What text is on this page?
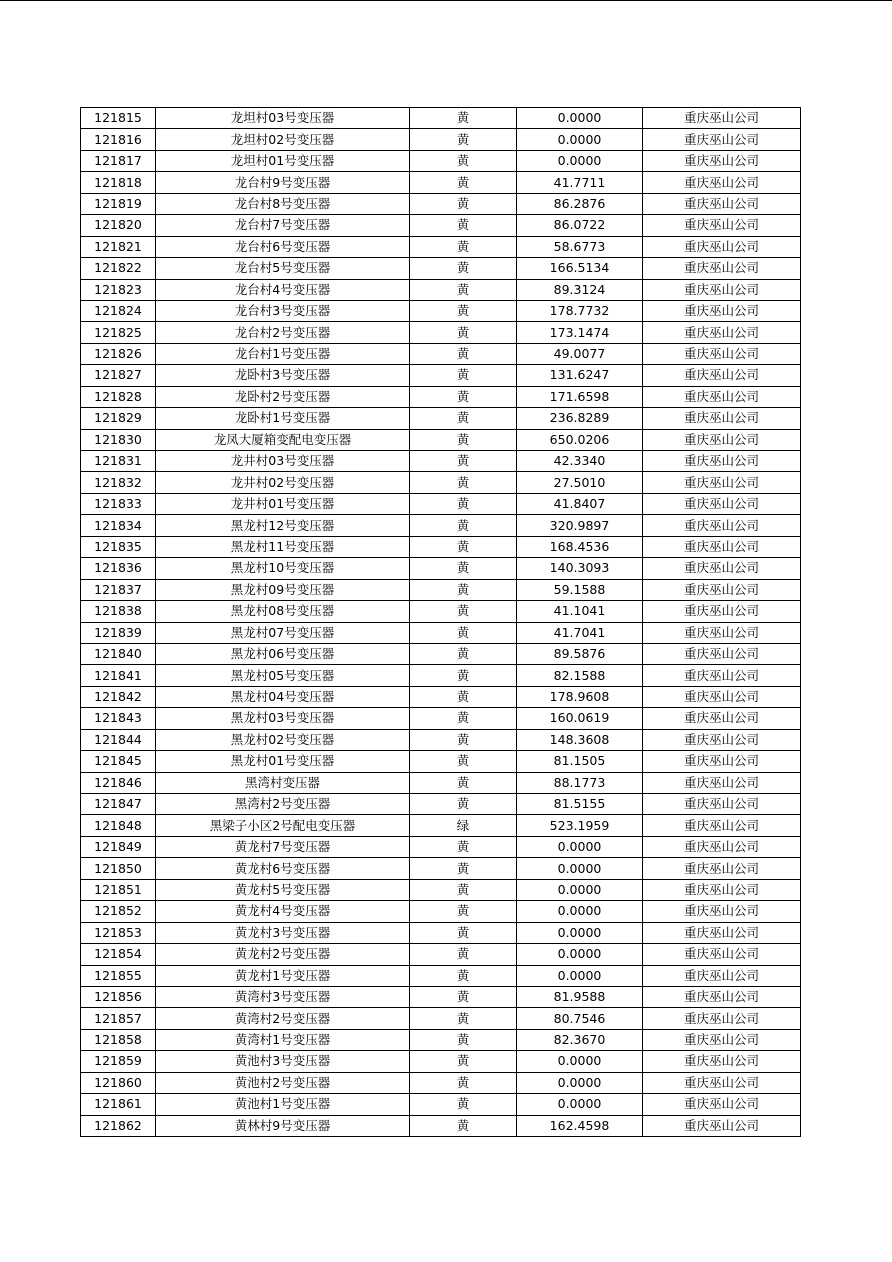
121815	龙坦村03号变压器	黄	0.0000	重庆巫山公司
121816	龙坦村02号变压器	黄	0.0000	重庆巫山公司
121817	龙坦村01号变压器	黄	0.0000	重庆巫山公司
121818	龙台村9号变压器	黄	41.7711	重庆巫山公司
121819	龙台村8号变压器	黄	86.2876	重庆巫山公司
121820	龙台村7号变压器	黄	86.0722	重庆巫山公司
121821	龙台村6号变压器	黄	58.6773	重庆巫山公司
121822	龙台村5号变压器	黄	166.5134	重庆巫山公司
121823	龙台村4号变压器	黄	89.3124	重庆巫山公司
121824	龙台村3号变压器	黄	178.7732	重庆巫山公司
121825	龙台村2号变压器	黄	173.1474	重庆巫山公司
121826	龙台村1号变压器	黄	49.0077	重庆巫山公司
121827	龙卧村3号变压器	黄	131.6247	重庆巫山公司
121828	龙卧村2号变压器	黄	171.6598	重庆巫山公司
121829	龙卧村1号变压器	黄	236.8289	重庆巫山公司
121830	龙凤大厦箱变配电变压器	黄	650.0206	重庆巫山公司
121831	龙井村03号变压器	黄	42.3340	重庆巫山公司
121832	龙井村02号变压器	黄	27.5010	重庆巫山公司
121833	龙井村01号变压器	黄	41.8407	重庆巫山公司
121834	黑龙村12号变压器	黄	320.9897	重庆巫山公司
121835	黑龙村11号变压器	黄	168.4536	重庆巫山公司
121836	黑龙村10号变压器	黄	140.3093	重庆巫山公司
121837	黑龙村09号变压器	黄	59.1588	重庆巫山公司
121838	黑龙村08号变压器	黄	41.1041	重庆巫山公司
121839	黑龙村07号变压器	黄	41.7041	重庆巫山公司
121840	黑龙村06号变压器	黄	89.5876	重庆巫山公司
121841	黑龙村05号变压器	黄	82.1588	重庆巫山公司
121842	黑龙村04号变压器	黄	178.9608	重庆巫山公司
121843	黑龙村03号变压器	黄	160.0619	重庆巫山公司
121844	黑龙村02号变压器	黄	148.3608	重庆巫山公司
121845	黑龙村01号变压器	黄	81.1505	重庆巫山公司
121846	黑湾村变压器	黄	88.1773	重庆巫山公司
121847	黑湾村2号变压器	黄	81.5155	重庆巫山公司
121848	黑梁子小区2号配电变压器	绿	523.1959	重庆巫山公司
121849	黄龙村7号变压器	黄	0.0000	重庆巫山公司
121850	黄龙村6号变压器	黄	0.0000	重庆巫山公司
121851	黄龙村5号变压器	黄	0.0000	重庆巫山公司
121852	黄龙村4号变压器	黄	0.0000	重庆巫山公司
121853	黄龙村3号变压器	黄	0.0000	重庆巫山公司
121854	黄龙村2号变压器	黄	0.0000	重庆巫山公司
121855	黄龙村1号变压器	黄	0.0000	重庆巫山公司
121856	黄湾村3号变压器	黄	81.9588	重庆巫山公司
121857	黄湾村2号变压器	黄	80.7546	重庆巫山公司
121858	黄湾村1号变压器	黄	82.3670	重庆巫山公司
121859	黄池村3号变压器	黄	0.0000	重庆巫山公司
121860	黄池村2号变压器	黄	0.0000	重庆巫山公司
121861	黄池村1号变压器	黄	0.0000	重庆巫山公司
121862	黄林村9号变压器	黄	162.4598	重庆巫山公司
